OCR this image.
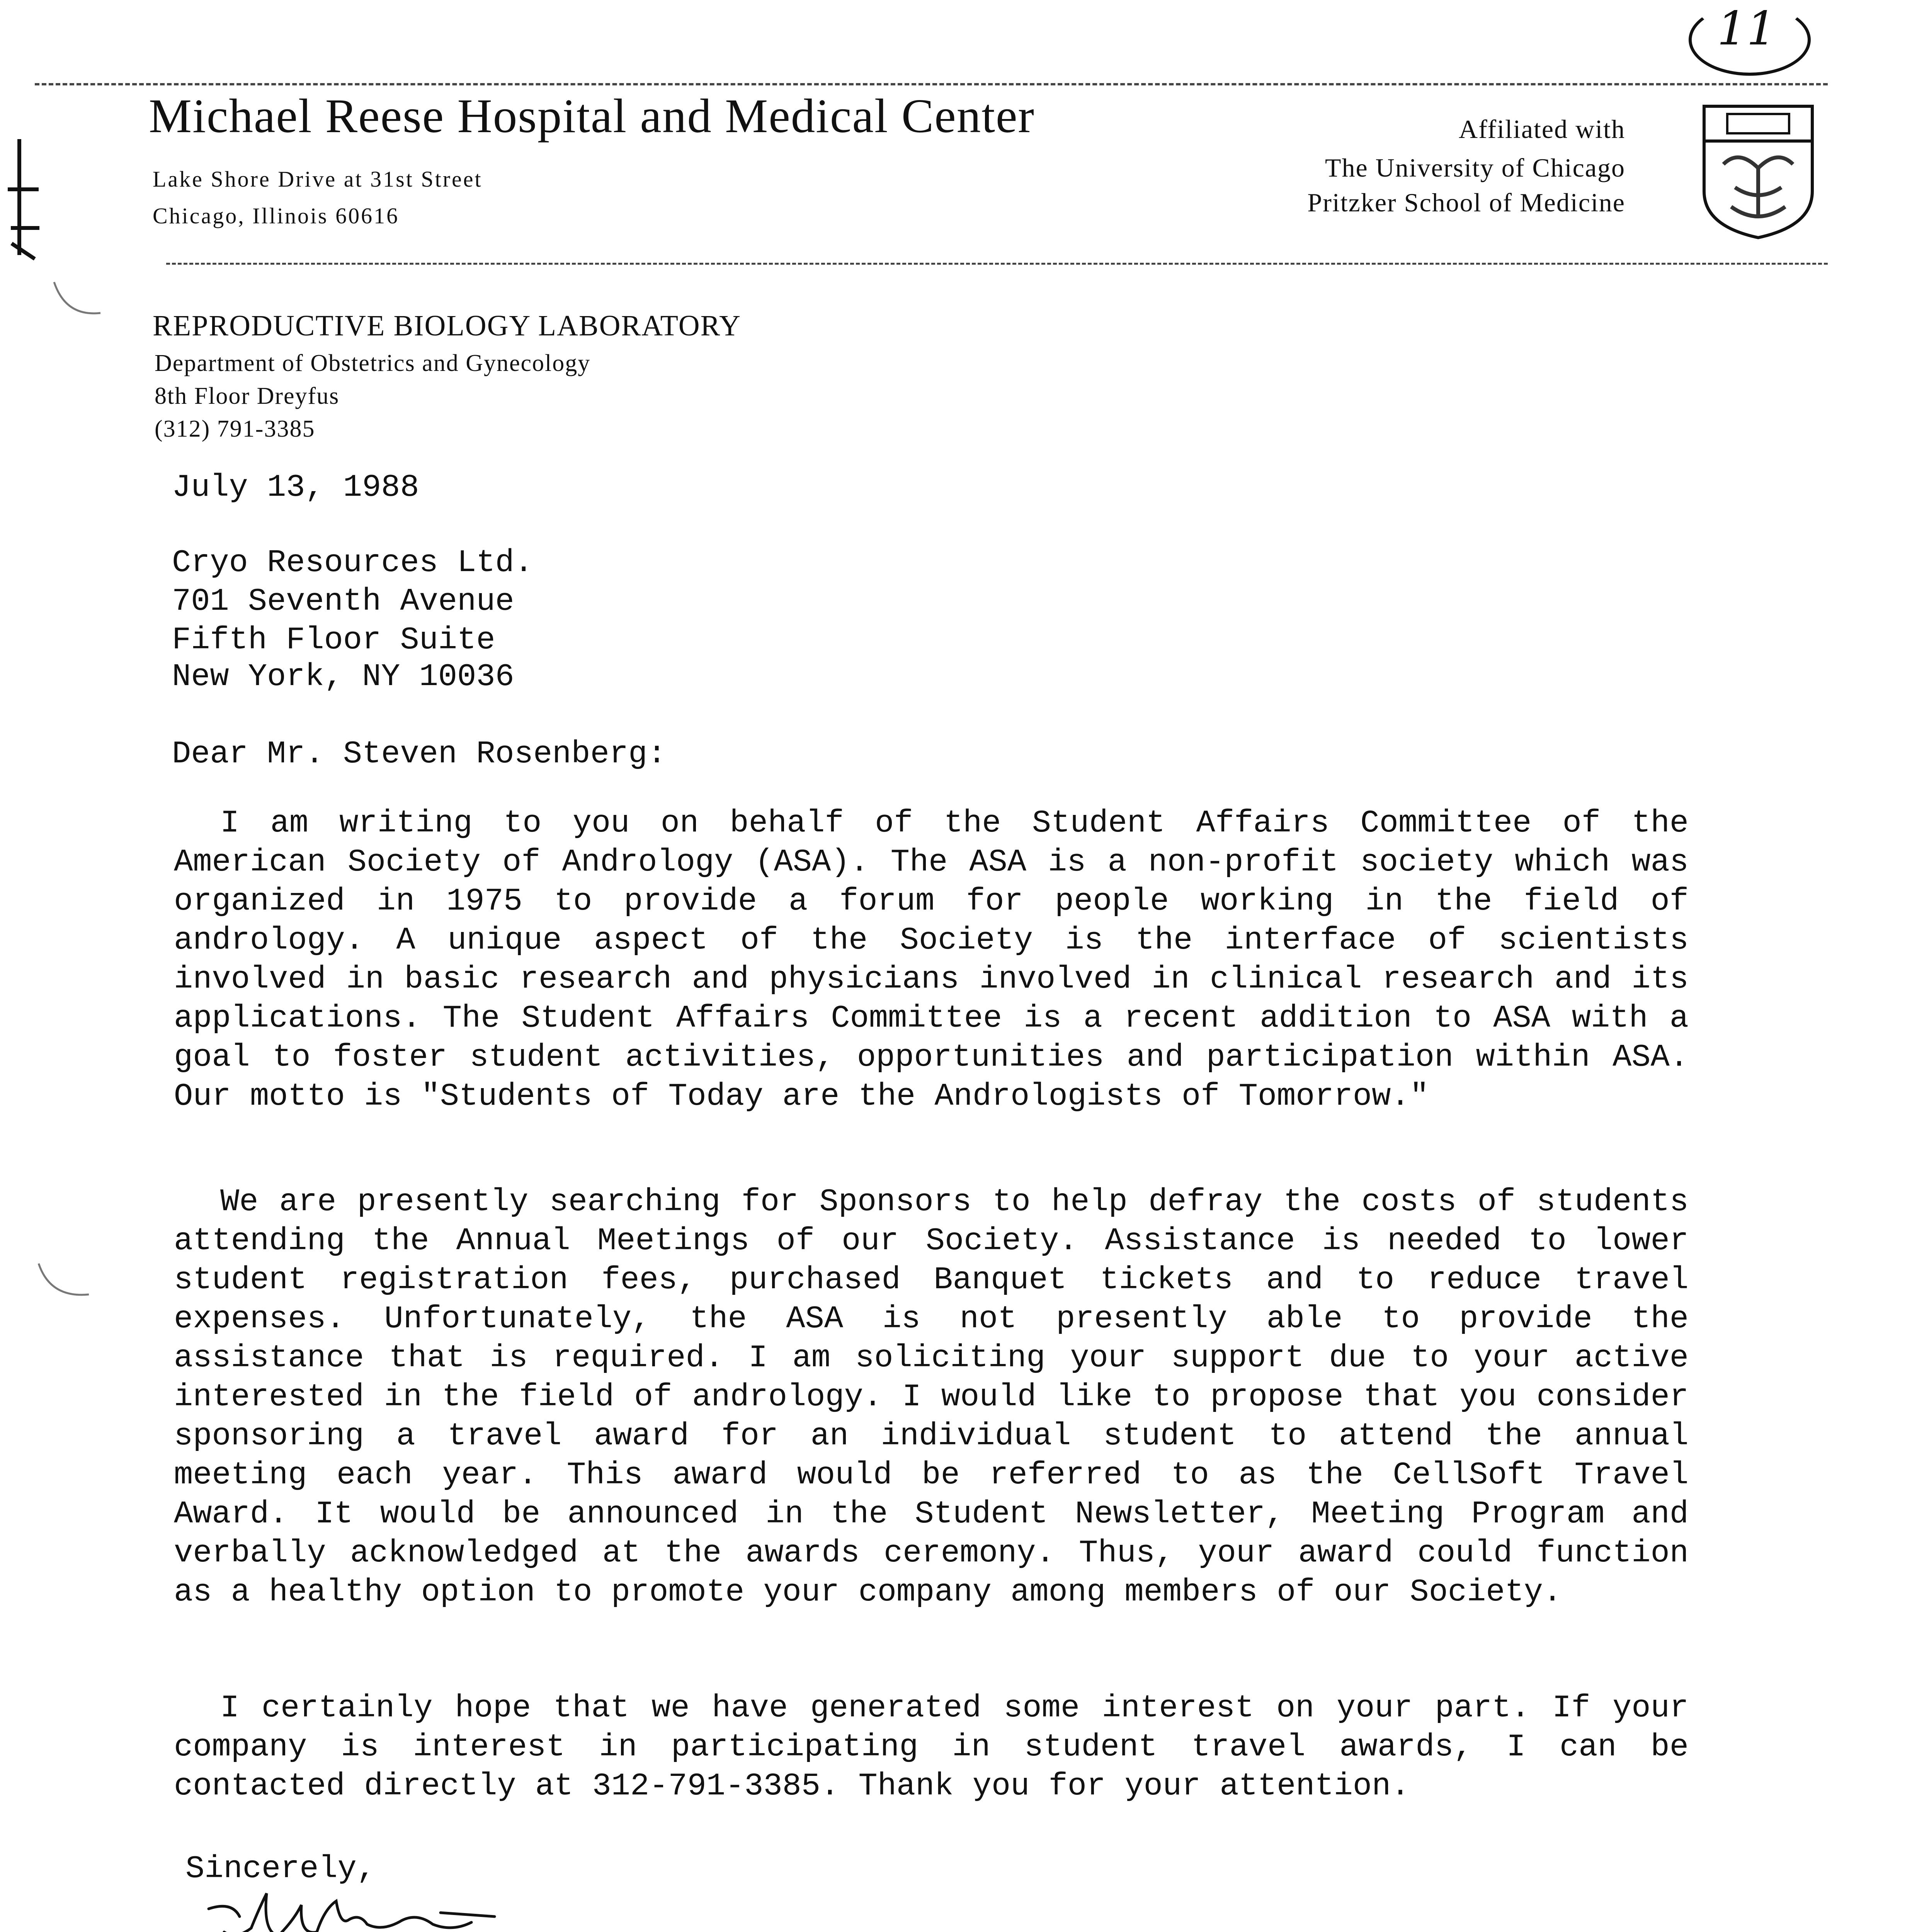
11
Michael Reese Hospital and Medical Center
Lake Shore Drive at 31st Street
Chicago, Illinois 60616
Affiliated with
The University of Chicago
Pritzker School of Medicine
REPRODUCTIVE BIOLOGY LABORATORY
Department of Obstetrics and Gynecology
8th Floor Dreyfus
(312) 791-3385
July 13, 1988
Cryo Resources Ltd.
701 Seventh Avenue
Fifth Floor Suite
New York, NY 10036
Dear Mr. Steven Rosenberg:
I am writing to you on behalf of the Student Affairs Committee of the American Society of Andrology (ASA). The ASA is a non-profit society which was organized in 1975 to provide a forum for people working in the field of andrology. A unique aspect of the Society is the interface of scientists involved in basic research and physicians involved in clinical research and its applications. The Student Affairs Committee is a recent addition to ASA with a goal to foster student activities, opportunities and participation within ASA. Our motto is "Students of Today are the Andrologists of Tomorrow."
We are presently searching for Sponsors to help defray the costs of students attending the Annual Meetings of our Society. Assistance is needed to lower student registration fees, purchased Banquet tickets and to reduce travel expenses. Unfortunately, the ASA is not presently able to provide the assistance that is required. I am soliciting your support due to your active interested in the field of andrology. I would like to propose that you consider sponsoring a travel award for an individual student to attend the annual meeting each year. This award would be referred to as the CellSoft Travel Award. It would be announced in the Student Newsletter, Meeting Program and verbally acknowledged at the awards ceremony. Thus, your award could function as a healthy option to promote your company among members of our Society.
I certainly hope that we have generated some interest on your part. If your company is interest in participating in student travel awards, I can be contacted directly at 312-791-3385. Thank you for your attention.
Sincerely,
